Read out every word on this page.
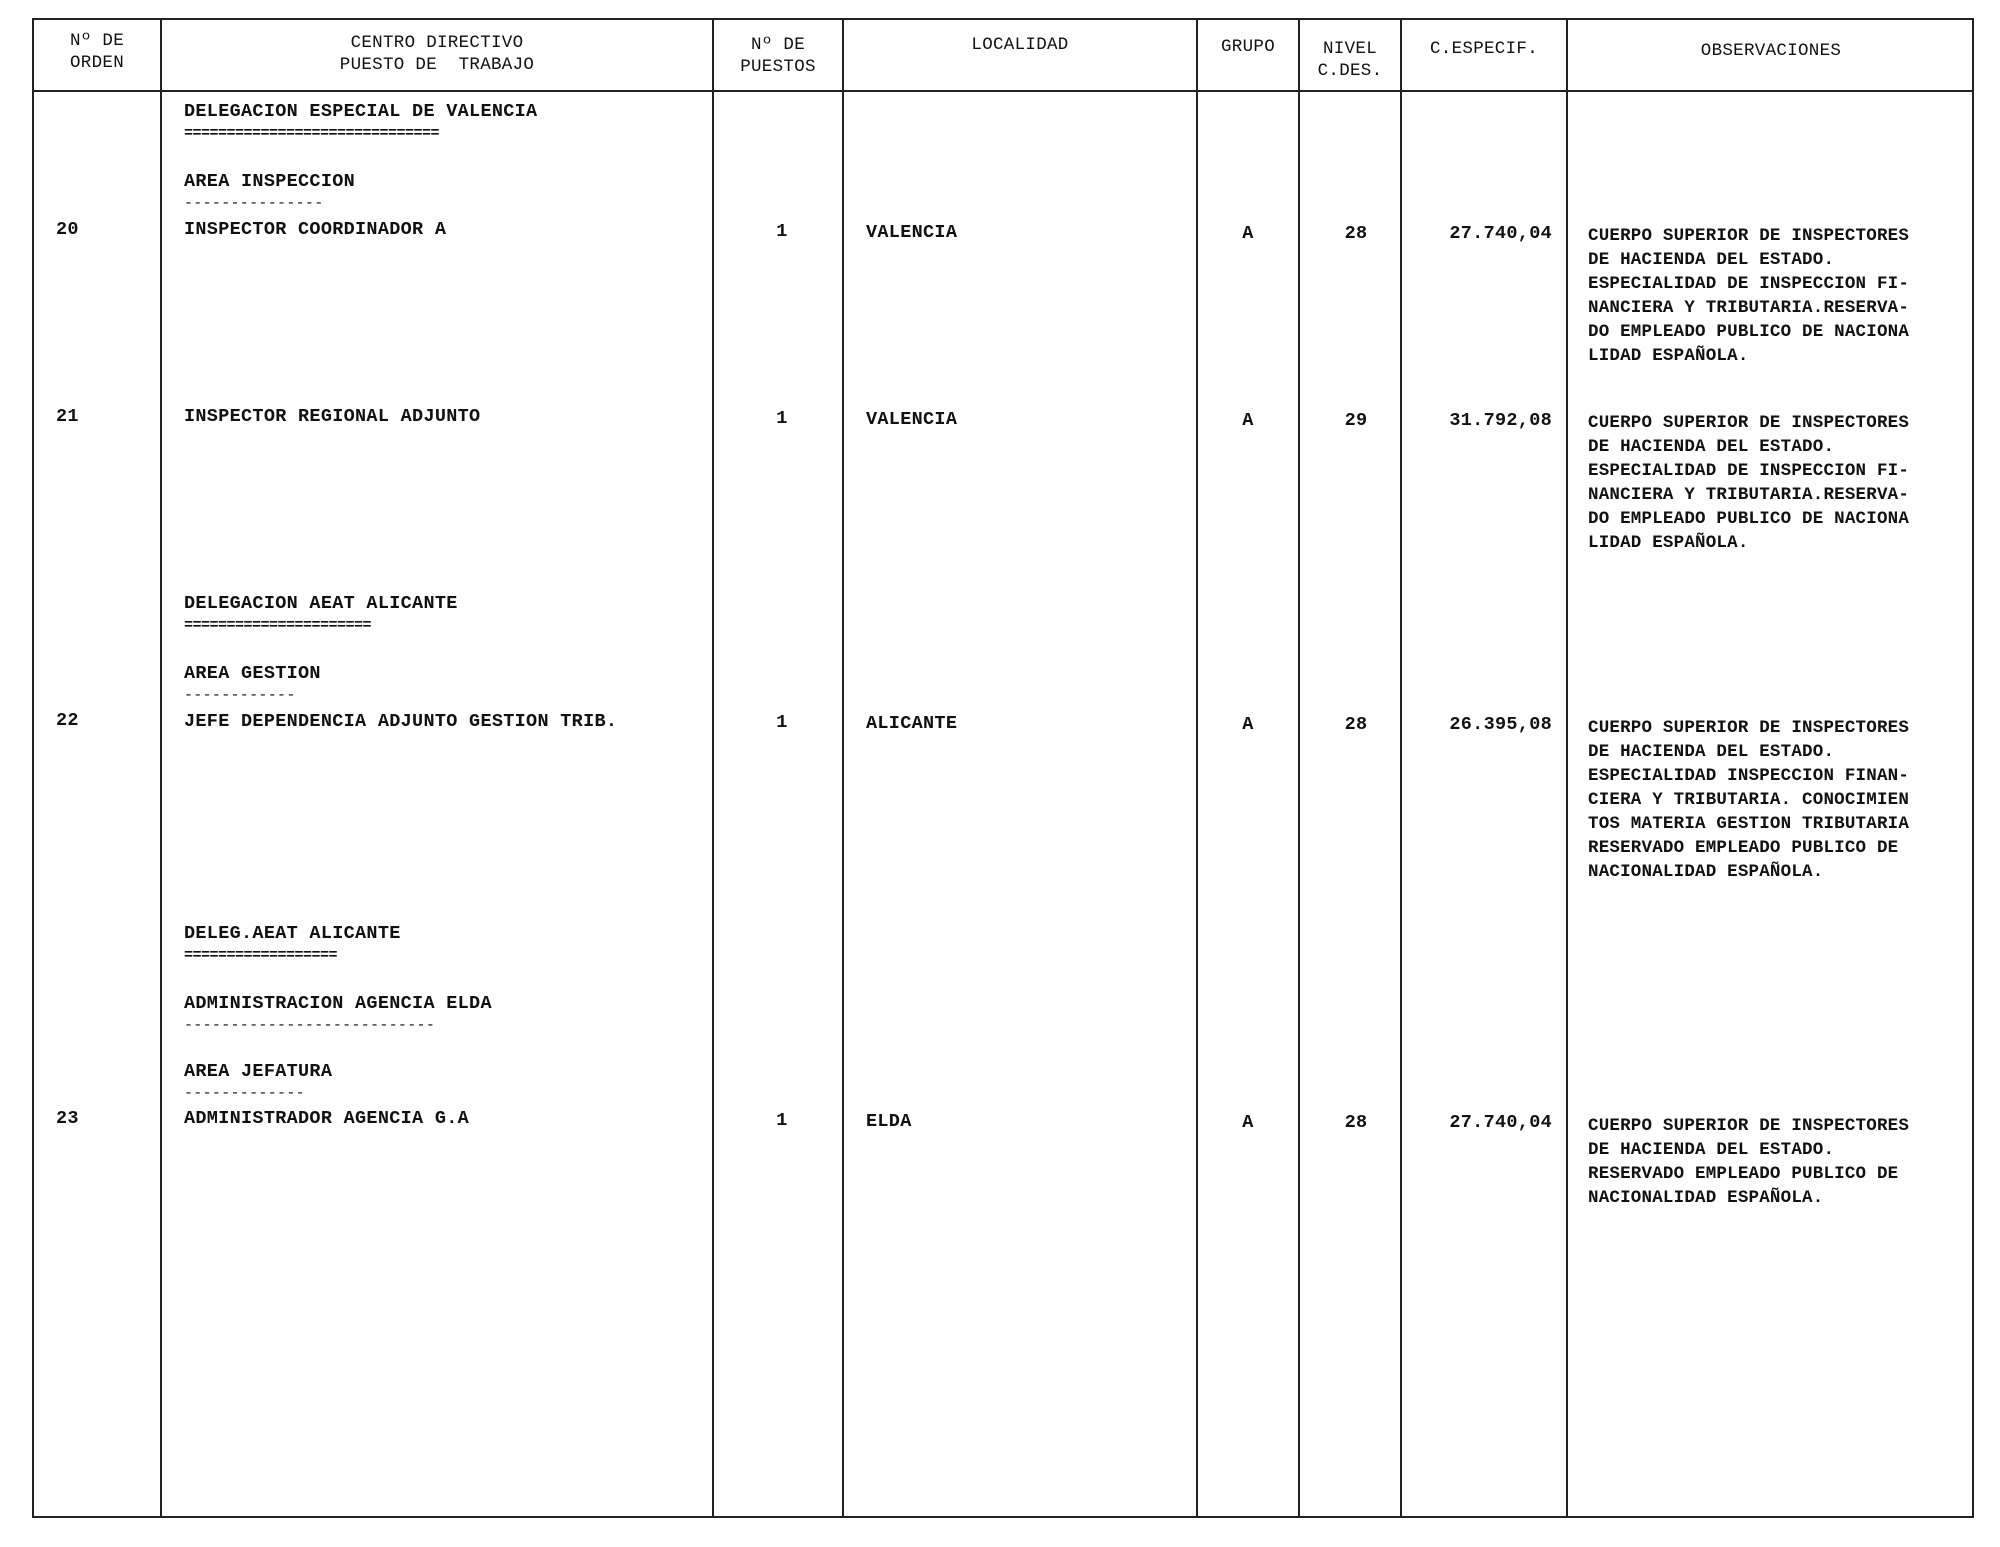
Nº DE
ORDEN
CENTRO DIRECTIVO
PUESTO DE  TRABAJO
Nº DE
PUESTOS
LOCALIDAD	GRUPO	NIVEL
C.DES.
C.ESPECIF.	OBSERVACIONES
DELEGACION ESPECIAL DE VALENCIA
==============================
AREA INSPECCION
---------------
20	INSPECTOR COORDINADOR A	1	VALENCIA	A	28	27.740,04 CUERPO SUPERIOR DE INSPECTORES
DE HACIENDA DEL ESTADO.
ESPECIALIDAD DE INSPECCION FI-
NANCIERA Y TRIBUTARIA.RESERVA-
DO EMPLEADO PUBLICO DE NACIONA
LIDAD ESPAÑOLA.
21	INSPECTOR REGIONAL ADJUNTO	1	VALENCIA	A	29	31.792,08 CUERPO SUPERIOR DE INSPECTORES
DE HACIENDA DEL ESTADO.
ESPECIALIDAD DE INSPECCION FI-
NANCIERA Y TRIBUTARIA.RESERVA-
DO EMPLEADO PUBLICO DE NACIONA
LIDAD ESPAÑOLA.
DELEGACION AEAT ALICANTE
======================
AREA GESTION
------------
22	JEFE DEPENDENCIA ADJUNTO GESTION TRIB.	1	ALICANTE	A	28	26.395,08 CUERPO SUPERIOR DE INSPECTORES
DE HACIENDA DEL ESTADO.
ESPECIALIDAD INSPECCION FINAN-
CIERA Y TRIBUTARIA. CONOCIMIEN
TOS MATERIA GESTION TRIBUTARIA
RESERVADO EMPLEADO PUBLICO DE
NACIONALIDAD ESPAÑOLA.
DELEG.AEAT ALICANTE
==================
ADMINISTRACION AGENCIA ELDA
---------------------------
AREA JEFATURA
-------------
23	ADMINISTRADOR AGENCIA G.A	1	ELDA	A	28	27.740,04 CUERPO SUPERIOR DE INSPECTORES
DE HACIENDA DEL ESTADO.
RESERVADO EMPLEADO PUBLICO DE
NACIONALIDAD ESPAÑOLA.
